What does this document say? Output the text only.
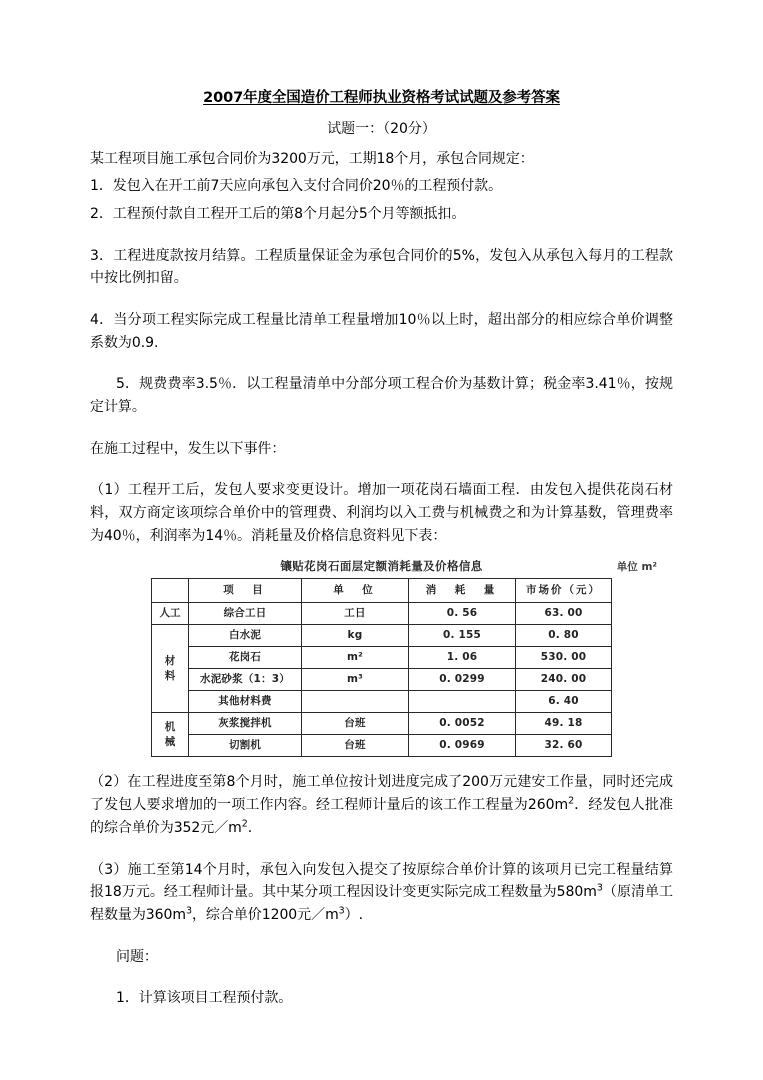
2007年度全国造价工程师执业资格考试试题及参考答案
试题一：（20分）

某工程项目施工承包合同价为3200万元，工期18个月，承包合同规定：

1．发包入在开工前7天应向承包入支付合同价20％的工程预付款。

2．工程预付款自工程开工后的第8个月起分5个月等额抵扣。

3．工程进度款按月结算。工程质量保证金为承包合同价的5%，发包入从承包入每月的工程款中按比例扣留。

4．当分项工程实际完成工程量比清单工程量增加10％以上时，超出部分的相应综合单价调整系数为0.9.

5．规费费率3.5％．以工程量清单中分部分项工程合价为基数计算；税金率3.41％，按规定计算。

在施工过程中，发生以下事件：

（1）工程开工后，发包人要求变更设计。增加一项花岗石墙面工程．由发包入提供花岗石材料，双方商定该项综合单价中的管理费、利润均以入工费与机械费之和为计算基数，管理费率为40％，利润率为14％。消耗量及价格信息资料见下表：

镶贴花岗石面层定额消耗量及价格信息	单位 m²
	项　目	单　位	消　耗　量	市场价（元）
人工	综合工日	工日	0. 56	63. 00

材
料	白水泥	kg	0. 155	0. 80
	花岗石	m²	1. 06	530. 00
	水泥砂浆（1：3）	m³	0. 0299	240. 00
	其他材料费			6. 40

机
械	灰浆搅拌机	台班	0. 0052	49. 18
	切割机	台班	0. 0969	32. 60

（2）在工程进度至第8个月时，施工单位按计划进度完成了200万元建安工作量，同时还完成了发包人要求增加的一项工作内容。经工程师计量后的该工作工程量为$260m^2$．经发包人批准的综合单价为352元$/m^2$.

（3）施工至第14个月时，承包入向发包入提交了按原综合单价计算的该项月已完工程量结算报18万元。经工程师计量。其中某分项工程因设计变更实际完成工程数量为$580m^3$（原清单工程数量为$360m^3$，综合单价1200元$/m^3$）.

问题：

1．计算该项目工程预付款。
